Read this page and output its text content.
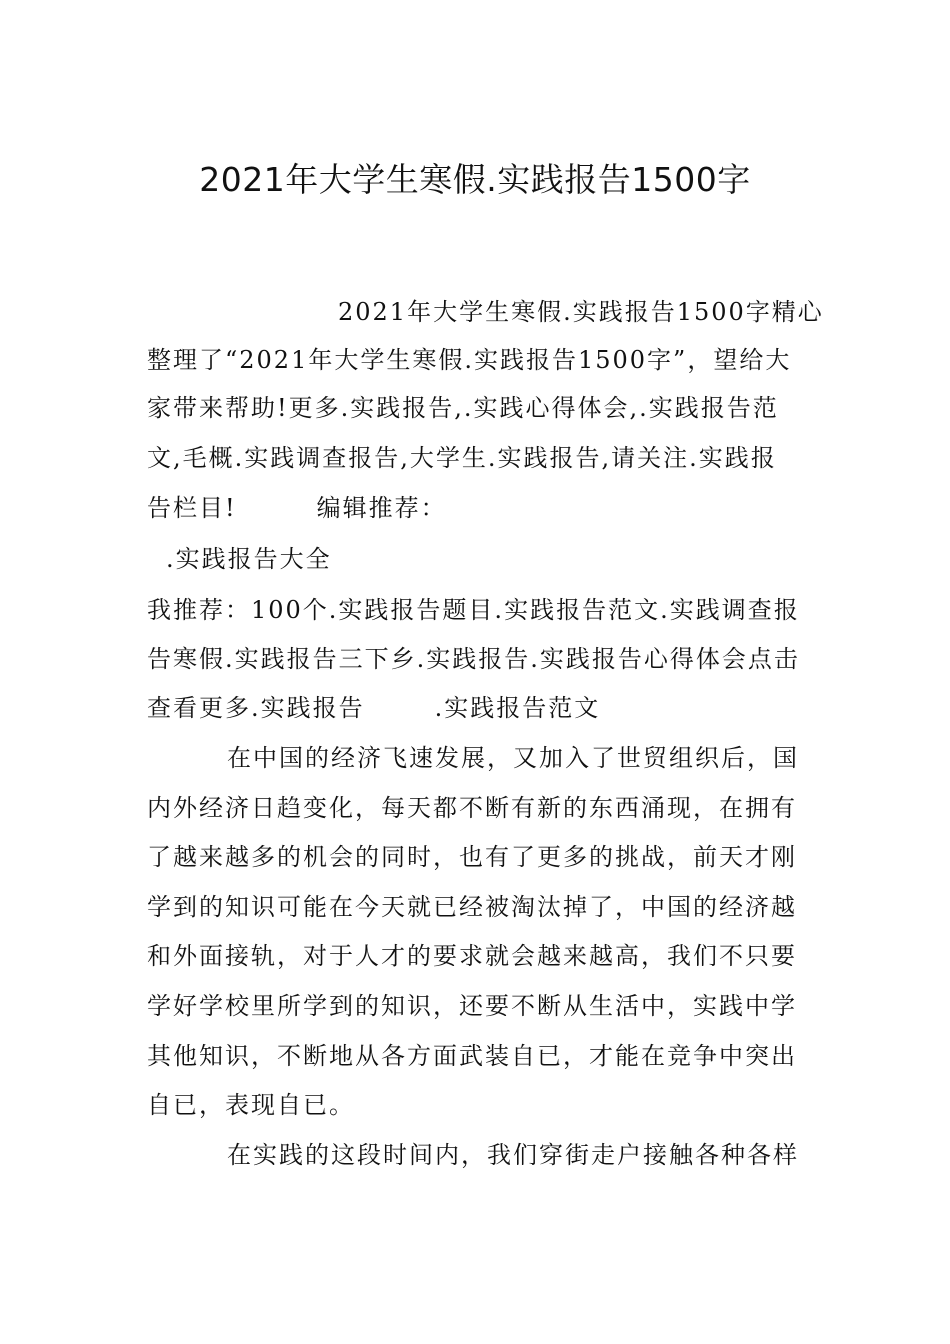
2021年大学生寒假.实践报告1500字
2021年大学生寒假.实践报告1500字精心
整理了“2021年大学生寒假.实践报告1500字”，望给大
家带来帮助!更多.实践报告,.实践心得体会,.实践报告范
文,毛概.实践调查报告,大学生.实践报告,请关注.实践报
告栏目!	编辑推荐：
.实践报告大全
我推荐：100个.实践报告题目.实践报告范文.实践调查报
告寒假.实践报告三下乡.实践报告.实践报告心得体会点击
查看更多.实践报告	.实践报告范文
在中国的经济飞速发展，又加入了世贸组织后，国
内外经济日趋变化，每天都不断有新的东西涌现，在拥有
了越来越多的机会的同时，也有了更多的挑战，前天才刚
学到的知识可能在今天就已经被淘汰掉了，中国的经济越
和外面接轨，对于人才的要求就会越来越高，我们不只要
学好学校里所学到的知识，还要不断从生活中，实践中学
其他知识，不断地从各方面武装自已，才能在竞争中突出
自已，表现自已。
在实践的这段时间内，我们穿街走户接触各种各样
